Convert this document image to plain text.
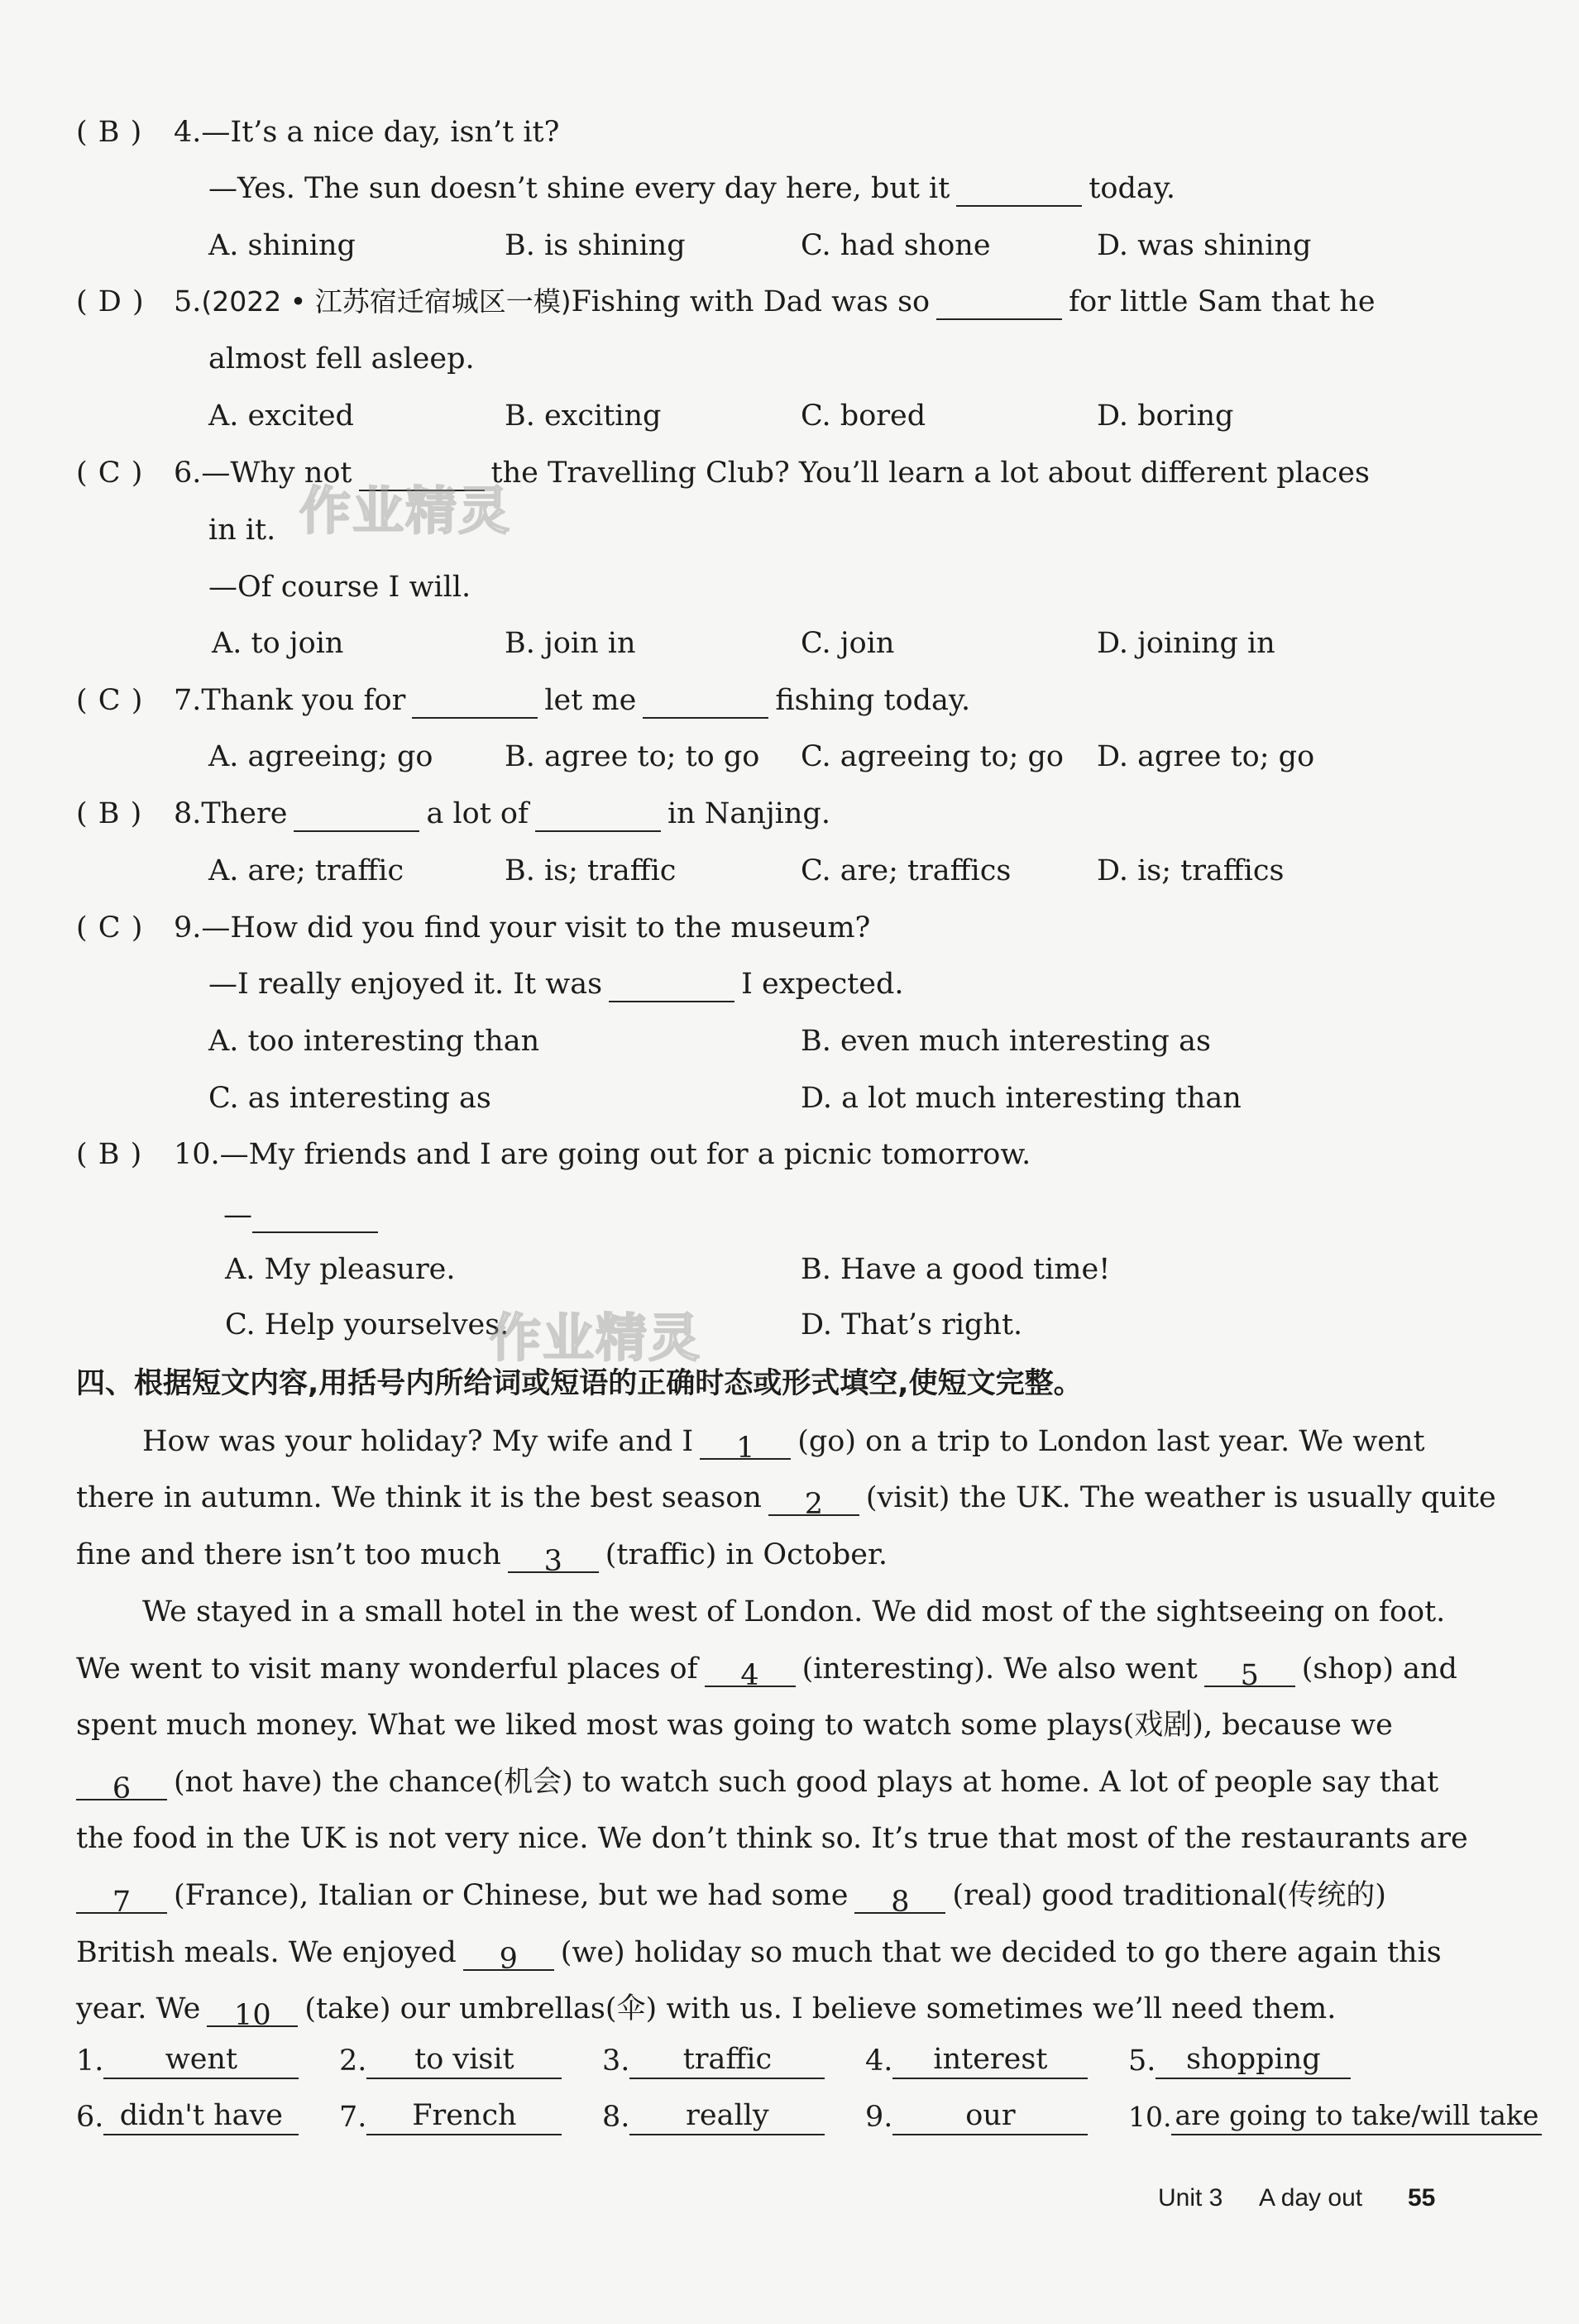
( B ) 4.—It’s a nice day, isn’t it?
—Yes. The sun doesn’t shine every day here, but it	today.
A. shining	B. is shining	C. had shone	D. was shining
( D ) 5.(2022 • 江苏宿迁宿城区一模)Fishing with Dad was so	for little Sam that he
almost fell asleep.
A. excited	B. exciting	C. bored	D. boring
( C ) 6.—Why not	the Travelling Club? You’ll learn a lot about different places
in it.
—Of course I will.
A. to join	B. join in	C. join	D. joining in
( C ) 7.Thank you for	let me	fishing today.
A. agreeing; go B. agree to; to go C. agreeing to; go D. agree to; go
( B ) 8.There	a lot of	in Nanjing.
A. are; traffic	B. is; traffic	C. are; traffics	D. is; traffics
( C ) 9.—How did you find your visit to the museum?
—I really enjoyed it. It was	I expected.
A. too interesting than	B. even much interesting as
C. as interesting as	D. a lot much interesting than
( B ) 10.—My friends and I are going out for a picnic tomorrow.
—
A. My pleasure.	B. Have a good time!
C. Help yourselves.	D. That’s right.
作业精灵
作业精灵
四、根据短文内容,用括号内所给词或短语的正确时态或形式填空,使短文完整。
How was your holiday? My wife and I 1 (go) on a trip to London last year. We went
there in autumn. We think it is the best season 2 (visit) the UK. The weather is usually quite
fine and there isn’t too much 3 (traffic) in October.
We stayed in a small hotel in the west of London. We did most of the sightseeing on foot.
We went to visit many wonderful places of 4 (interesting). We also went 5 (shop) and
spent much money. What we liked most was going to watch some plays(戏剧), because we
6 (not have) the chance(机会) to watch such good plays at home. A lot of people say that
the food in the UK is not very nice. We don’t think so. It’s true that most of the restaurants are
7 (France), Italian or Chinese, but we had some 8 (real) good traditional(传统的)
British meals. We enjoyed 9 (we) holiday so much that we decided to go there again this
year. We 10 (take) our umbrellas(伞) with us. I believe sometimes we’ll need them.
1. went	2. to visit	3. traffic	4. interest	5. shopping
6. didn't have	7. French	8. really	9.	our	10. are going to take/will take
Unit 3 A day out 55
